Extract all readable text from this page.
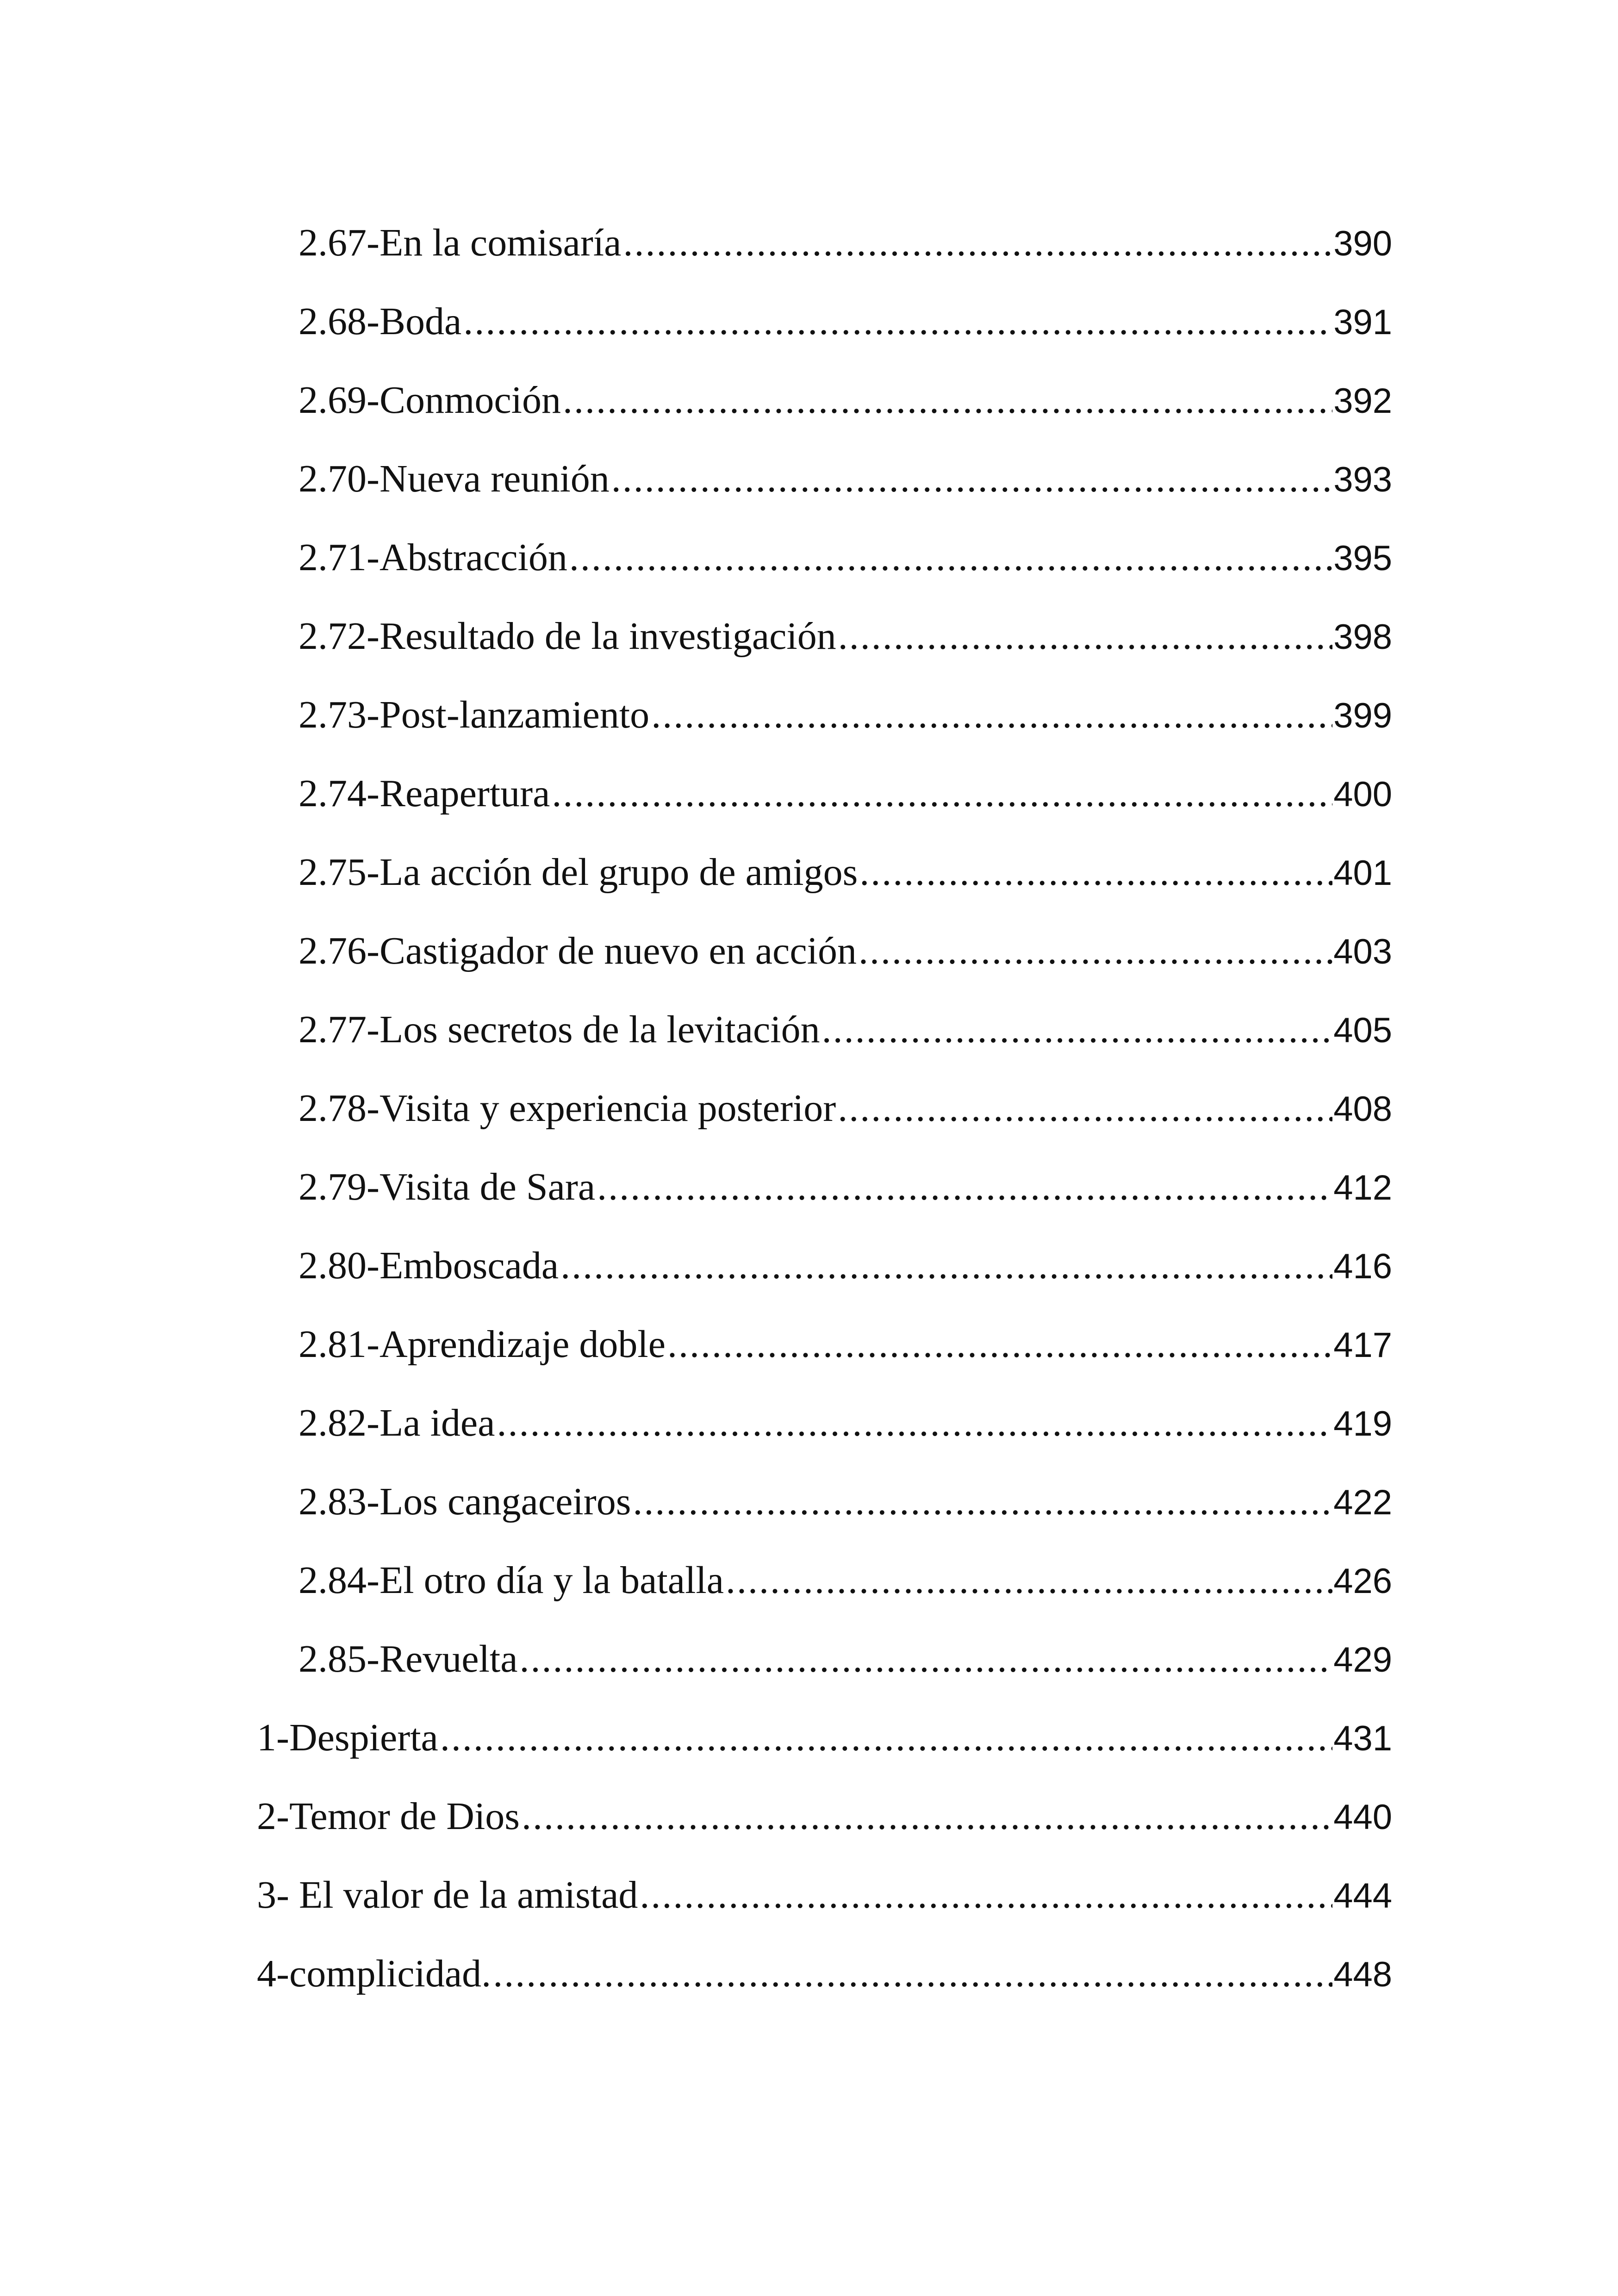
2.67-En la comisaría . . .	390
2.68-Boda . . .	391
2.69-Conmoción . . .	392
2.70-Nueva reunión . . .	393
2.71-Abstracción . . .	395
2.72-Resultado de la investigación . . .	398
2.73-Post-lanzamiento . . .	399
2.74-Reapertura . . .	400
2.75-La acción del grupo de amigos . . .	401
2.76-Castigador de nuevo en acción . . .	403
2.77-Los secretos de la levitación . . .	405
2.78-Visita y experiencia posterior . . .	408
2.79-Visita de Sara . . .	412
2.80-Emboscada . . .	416
2.81-Aprendizaje doble . . .	417
2.82-La idea . . .	419
2.83-Los cangaceiros . . .	422
2.84-El otro día y la batalla . . .	426
2.85-Revuelta . . .	429
1-Despierta . . .	431
2-Temor de Dios . . .	440
3- El valor de la amistad . . .	444
4-complicidad. . . .	448
